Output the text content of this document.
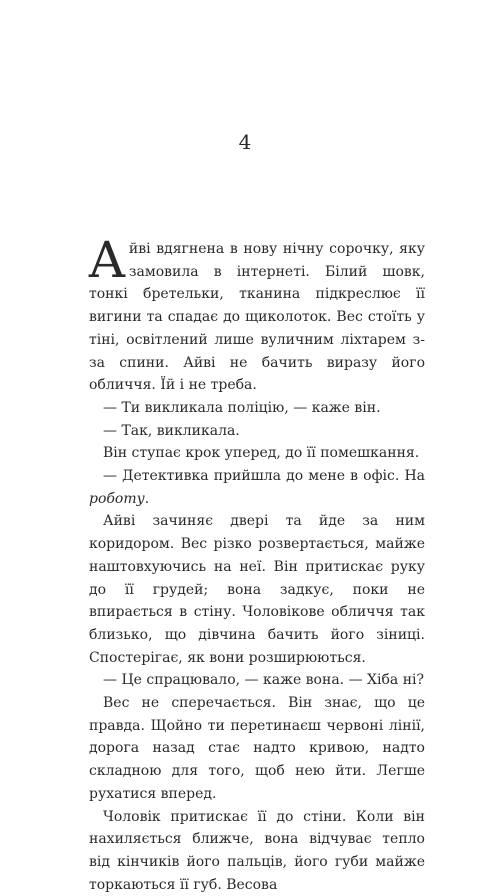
4

Айві вдягнена в нову нічну сорочку, яку замовила в інтернеті. Білий шовк, тонкі бретельки, тканина підкреслює її вигини та спадає до щиколоток. Вес стоїть у тіні, освітлений лише вуличним ліхтарем з-за спини. Айві не бачить виразу його обличчя. Їй і не треба.

— Ти викликала поліцію, — каже він.

— Так, викликала.

Він ступає крок уперед, до її помешкання.

— Детективка прийшла до мене в офіс. На роботу.

Айві зачиняє двері та йде за ним коридором. Вес різко розвертається, майже наштовхуючись на неї. Він притискає руку до її грудей; вона задкує, поки не впирається в стіну. Чоловікове обличчя так близько, що дівчина бачить його зіниці. Спостерігає, як вони розширюються.

— Це спрацювало, — каже вона. — Хіба ні?

Вес не сперечається. Він знає, що це правда. Щойно ти перетинаєш червоні лінії, дорога назад стає надто кривою, надто складною для того, щоб нею йти. Легше рухатися вперед.

Чоловік притискає її до стіни. Коли він нахиляється ближче, вона відчуває тепло від кінчиків його пальців, його губи майже торкаються її губ. Весова
